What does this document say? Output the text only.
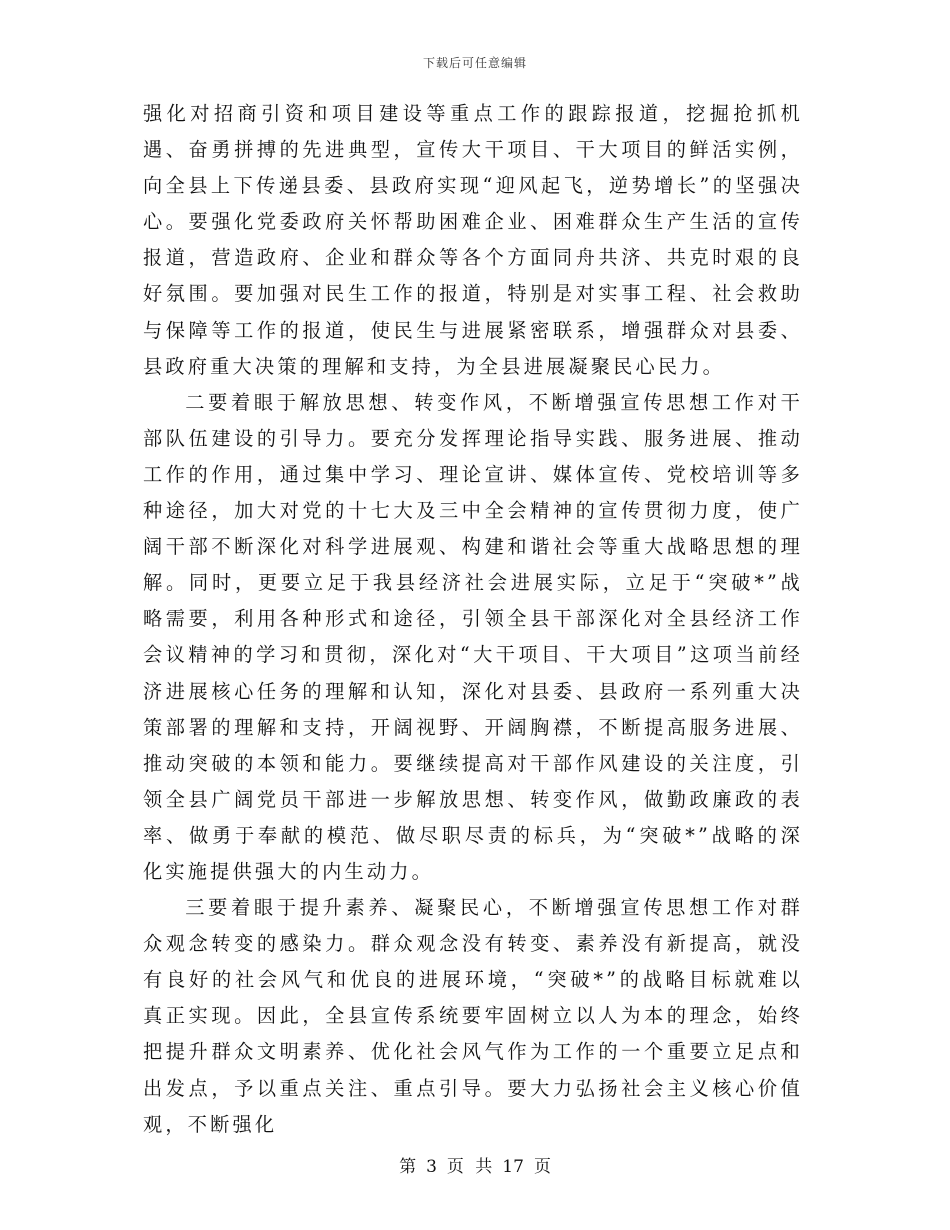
下载后可任意编辑

强化对招商引资和项目建设等重点工作的跟踪报道，挖掘抢抓机遇、奋勇拼搏的先进典型，宣传大干项目、干大项目的鲜活实例，向全县上下传递县委、县政府实现“迎风起飞，逆势增长”的坚强决心。要强化党委政府关怀帮助困难企业、困难群众生产生活的宣传报道，营造政府、企业和群众等各个方面同舟共济、共克时艰的良好氛围。要加强对民生工作的报道，特别是对实事工程、社会救助与保障等工作的报道，使民生与进展紧密联系，增强群众对县委、县政府重大决策的理解和支持，为全县进展凝聚民心民力。

二要着眼于解放思想、转变作风，不断增强宣传思想工作对干部队伍建设的引导力。要充分发挥理论指导实践、服务进展、推动工作的作用，通过集中学习、理论宣讲、媒体宣传、党校培训等多种途径，加大对党的十七大及三中全会精神的宣传贯彻力度，使广阔干部不断深化对科学进展观、构建和谐社会等重大战略思想的理解。同时，更要立足于我县经济社会进展实际，立足于“突破*”战略需要，利用各种形式和途径，引领全县干部深化对全县经济工作会议精神的学习和贯彻，深化对“大干项目、干大项目”这项当前经济进展核心任务的理解和认知，深化对县委、县政府一系列重大决策部署的理解和支持，开阔视野、开阔胸襟，不断提高服务进展、推动突破的本领和能力。要继续提高对干部作风建设的关注度，引领全县广阔党员干部进一步解放思想、转变作风，做勤政廉政的表率、做勇于奉献的模范、做尽职尽责的标兵，为“突破*”战略的深化实施提供强大的内生动力。

三要着眼于提升素养、凝聚民心，不断增强宣传思想工作对群众观念转变的感染力。群众观念没有转变、素养没有新提高，就没有良好的社会风气和优良的进展环境，“突破*”的战略目标就难以真正实现。因此，全县宣传系统要牢固树立以人为本的理念，始终把提升群众文明素养、优化社会风气作为工作的一个重要立足点和出发点，予以重点关注、重点引导。要大力弘扬社会主义核心价值观，不断强化

第 3 页 共 17 页
